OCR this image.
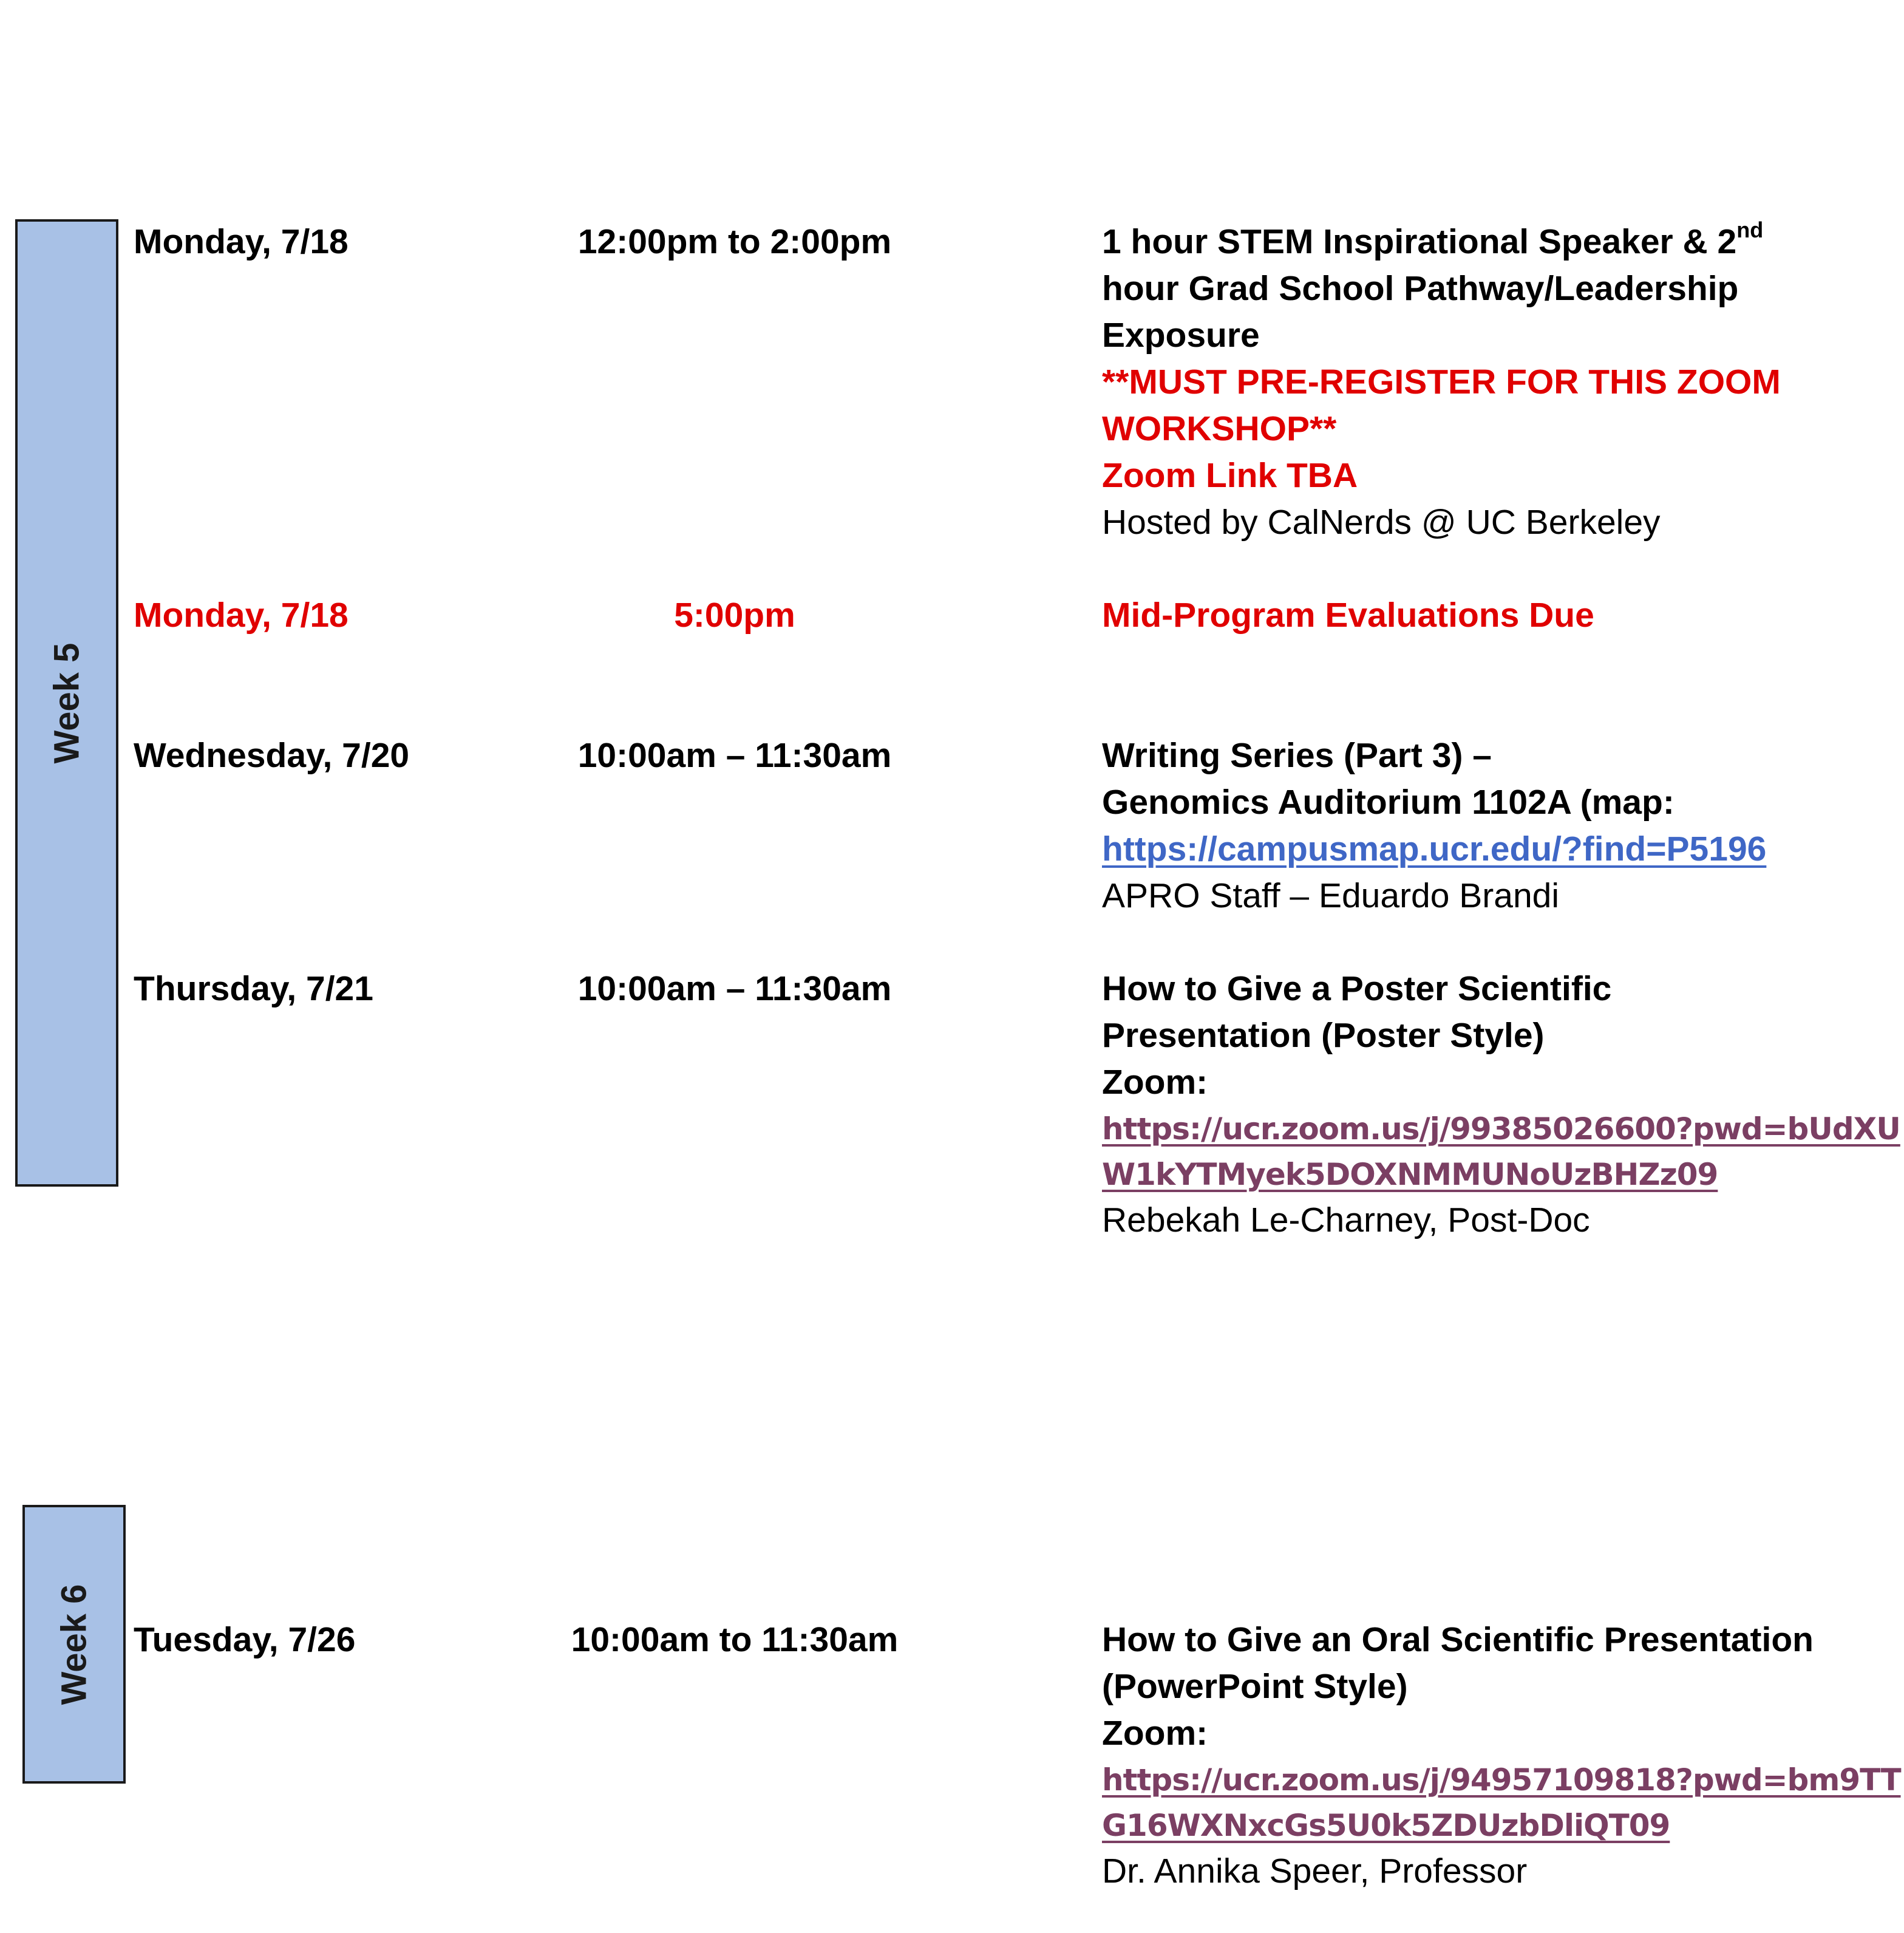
Week 5
Week 6
Monday, 7/18	12:00pm to 2:00pm	1 hour STEM Inspirational Speaker & 2nd
hour Grad School Pathway/Leadership
Exposure
**MUST PRE-REGISTER FOR THIS ZOOM
WORKSHOP**
Zoom Link TBA
Hosted by CalNerds @ UC Berkeley
Monday, 7/18	5:00pm	Mid-Program Evaluations Due
Wednesday, 7/20	10:00am – 11:30am	Writing Series (Part 3) –
Genomics Auditorium 1102A (map:
https://campusmap.ucr.edu/?find=P5196
APRO Staff – Eduardo Brandi
Thursday, 7/21	10:00am – 11:30am	How to Give a Poster Scientific
Presentation (Poster Style)
Zoom:
https://ucr.zoom.us/j/99385026600?pwd=bUdXU
W1kYTMyek5DOXNMMUNoUzBHZz09
Rebekah Le-Charney, Post-Doc
Tuesday, 7/26	10:00am to 11:30am	How to Give an Oral Scientific Presentation
(PowerPoint Style)
Zoom:
https://ucr.zoom.us/j/94957109818?pwd=bm9TT
G16WXNxcGs5U0k5ZDUzbDliQT09
Dr. Annika Speer, Professor
